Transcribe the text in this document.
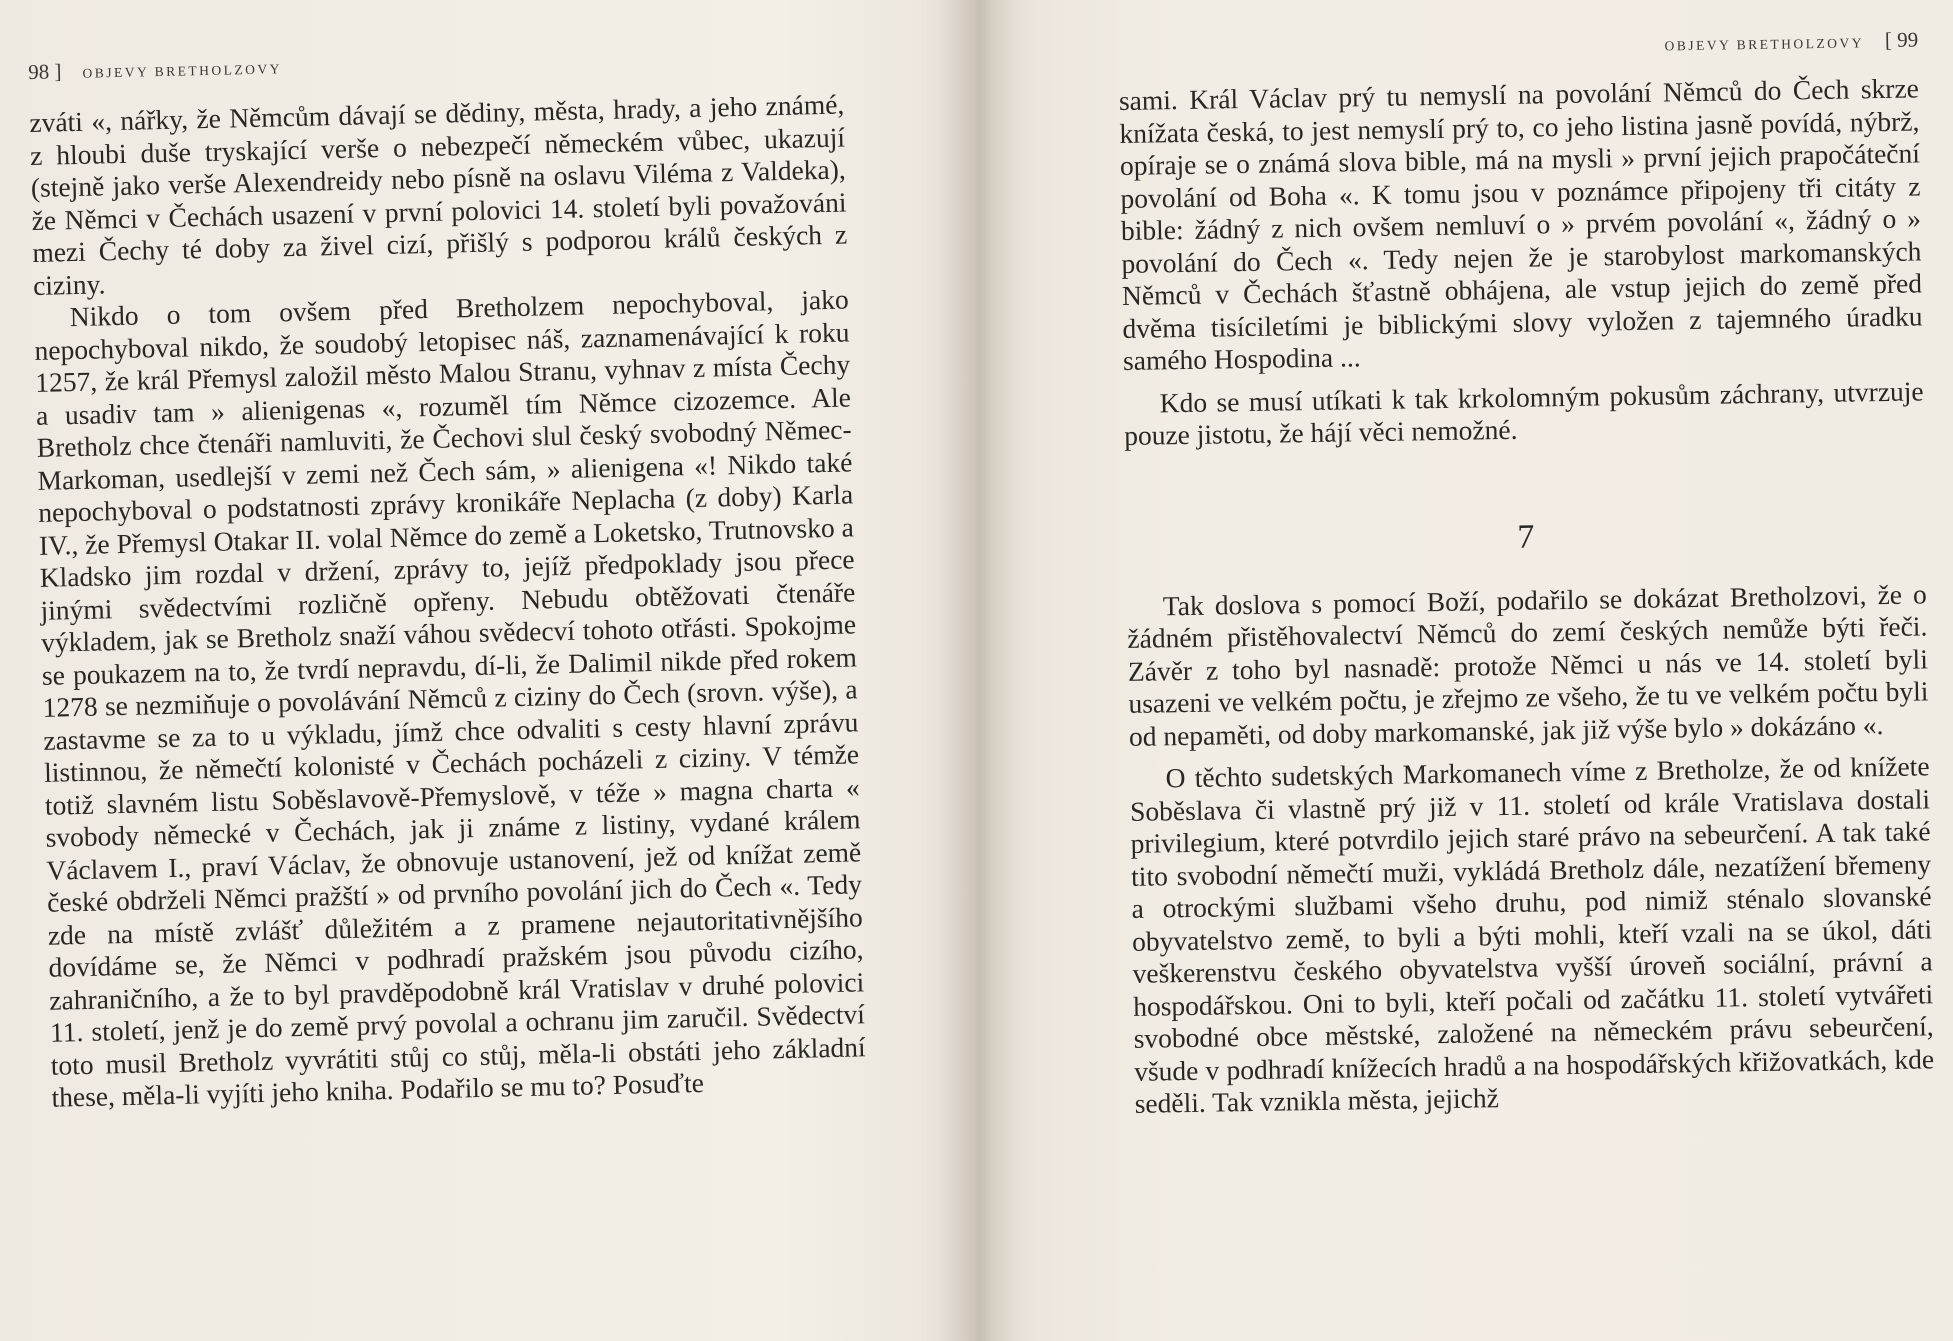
98 ] OBJEVY BRETHOLZOVY

zváti «, nářky, že Němcům dávají se dědiny, města, hrady, a jeho známé, z hloubi duše tryskající verše o nebezpečí německém vůbec, ukazují (stejně jako verše Alexendreidy nebo písně na oslavu Viléma z Valdeka), že Němci v Čechách usazení v první polovici 14. století byli považováni mezi Čechy té doby za živel cizí, přišlý s podporou králů českých z ciziny.

Nikdo o tom ovšem před Bretholzem nepochyboval, jako nepochyboval nikdo, že soudobý letopisec náš, zaznamenávající k roku 1257, že král Přemysl založil město Malou Stranu, vyhnav z místa Čechy a usadiv tam » alienigenas «, rozuměl tím Němce cizozemce. Ale Bretholz chce čtenáři namluviti, že Čechovi slul český svobodný Němec-Markoman, usedlejší v zemi než Čech sám, » alienigena «! Nikdo také nepochyboval o podstatnosti zprávy kronikáře Neplacha (z doby) Karla IV., že Přemysl Otakar II. volal Němce do země a Loketsko, Trutnovsko a Kladsko jim rozdal v držení, zprávy to, jejíž předpoklady jsou přece jinými svědectvími rozličně opřeny. Nebudu obtěžovati čtenáře výkladem, jak se Bretholz snaží váhou svědecví tohoto otřásti. Spokojme se poukazem na to, že tvrdí nepravdu, dí-li, že Dalimil nikde před rokem 1278 se nezmiňuje o povolávání Němců z ciziny do Čech (srovn. výše), a zastavme se za to u výkladu, jímž chce odvaliti s cesty hlavní zprávu listinnou, že němečtí kolonisté v Čechách pocházeli z ciziny. V témže totiž slavném listu Soběslavově-Přemyslově, v téže » magna charta « svobody německé v Čechách, jak ji známe z listiny, vydané králem Václavem I., praví Václav, že obnovuje ustanovení, jež od knížat země české obdrželi Němci pražští » od prvního povolání jich do Čech «. Tedy zde na místě zvlášť důležitém a z pramene nejautoritativnějšího dovídáme se, že Němci v podhradí pražském jsou původu cizího, zahraničního, a že to byl pravděpodobně král Vratislav v druhé polovici 11. století, jenž je do země prvý povolal a ochranu jim zaručil. Svědectví toto musil Bretholz vyvrátiti stůj co stůj, měla-li obstáti jeho základní these, měla-li vyjíti jeho kniha. Podařilo se mu to? Posuďte

OBJEVY BRETHOLZOVY [ 99

sami. Král Václav prý tu nemyslí na povolání Němců do Čech skrze knížata česká, to jest nemyslí prý to, co jeho listina jasně povídá, nýbrž, opíraje se o známá slova bible, má na mysli » první jejich prapočáteční povolání od Boha «. K tomu jsou v poznámce připojeny tři citáty z bible: žádný z nich ovšem nemluví o » prvém povolání «, žádný o » povolání do Čech «. Tedy nejen že je starobylost markomanských Němců v Čechách šťastně obhájena, ale vstup jejich do země před dvěma tisíciletími je biblickými slovy vyložen z tajemného úradku samého Hospodina ...

Kdo se musí utíkati k tak krkolomným pokusům záchrany, utvrzuje pouze jistotu, že hájí věci nemožné.

7

Tak doslova s pomocí Boží, podařilo se dokázat Bretholzovi, že o žádném přistěhovalectví Němců do zemí českých nemůže býti řeči. Závěr z toho byl nasnadě: protože Němci u nás ve 14. století byli usazeni ve velkém počtu, je zřejmo ze všeho, že tu ve velkém počtu byli od nepaměti, od doby markomanské, jak již výše bylo » dokázáno «.

O těchto sudetských Markomanech víme z Bretholze, že od knížete Soběslava či vlastně prý již v 11. století od krále Vratislava dostali privilegium, které potvrdilo jejich staré právo na sebeurčení. A tak také tito svobodní němečtí muži, vykládá Bretholz dále, nezatížení břemeny a otrockými službami všeho druhu, pod nimiž sténalo slovanské obyvatelstvo země, to byli a býti mohli, kteří vzali na se úkol, dáti veškerenstvu českého obyvatelstva vyšší úroveň sociální, právní a hospodářskou. Oni to byli, kteří počali od začátku 11. století vytvářeti svobodné obce městské, založené na německém právu sebeurčení, všude v podhradí knížecích hradů a na hospodářských křižovatkách, kde seděli. Tak vznikla města, jejichž
